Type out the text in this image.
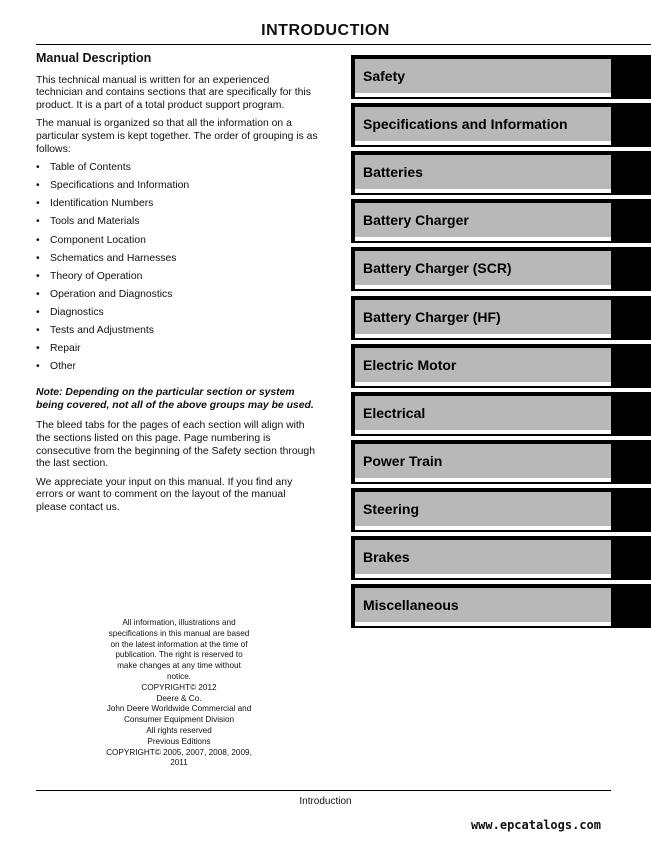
INTRODUCTION
Manual Description

This technical manual is written for an experienced technician and contains sections that are specifically for this product. It is a part of a total product support program.

The manual is organized so that all the information on a particular system is kept together. The order of grouping is as follows:

• Table of Contents
• Specifications and Information
• Identification Numbers
• Tools and Materials
• Component Location
• Schematics and Harnesses
• Theory of Operation
• Operation and Diagnostics
• Diagnostics
• Tests and Adjustments
• Repair
• Other

Note: Depending on the particular section or system being covered, not all of the above groups may be used.

The bleed tabs for the pages of each section will align with the sections listed on this page. Page numbering is consecutive from the beginning of the Safety section through the last section.

We appreciate your input on this manual. If you find any errors or want to comment on the layout of the manual please contact us.

All information, illustrations and
specifications in this manual are based
on the latest information at the time of
publication. The right is reserved to
make changes at any time without
notice.
COPYRIGHT© 2012
Deere & Co.
John Deere Worldwide Commercial and
Consumer Equipment Division
All rights reserved
Previous Editions
COPYRIGHT© 2005, 2007, 2008, 2009,
2011
Safety
Specifications and Information
Batteries
Battery Charger
Battery Charger (SCR)
Battery Charger (HF)
Electric Motor
Electrical
Power Train
Steering
Brakes
Miscellaneous
Introduction
www.epcatalogs.com
